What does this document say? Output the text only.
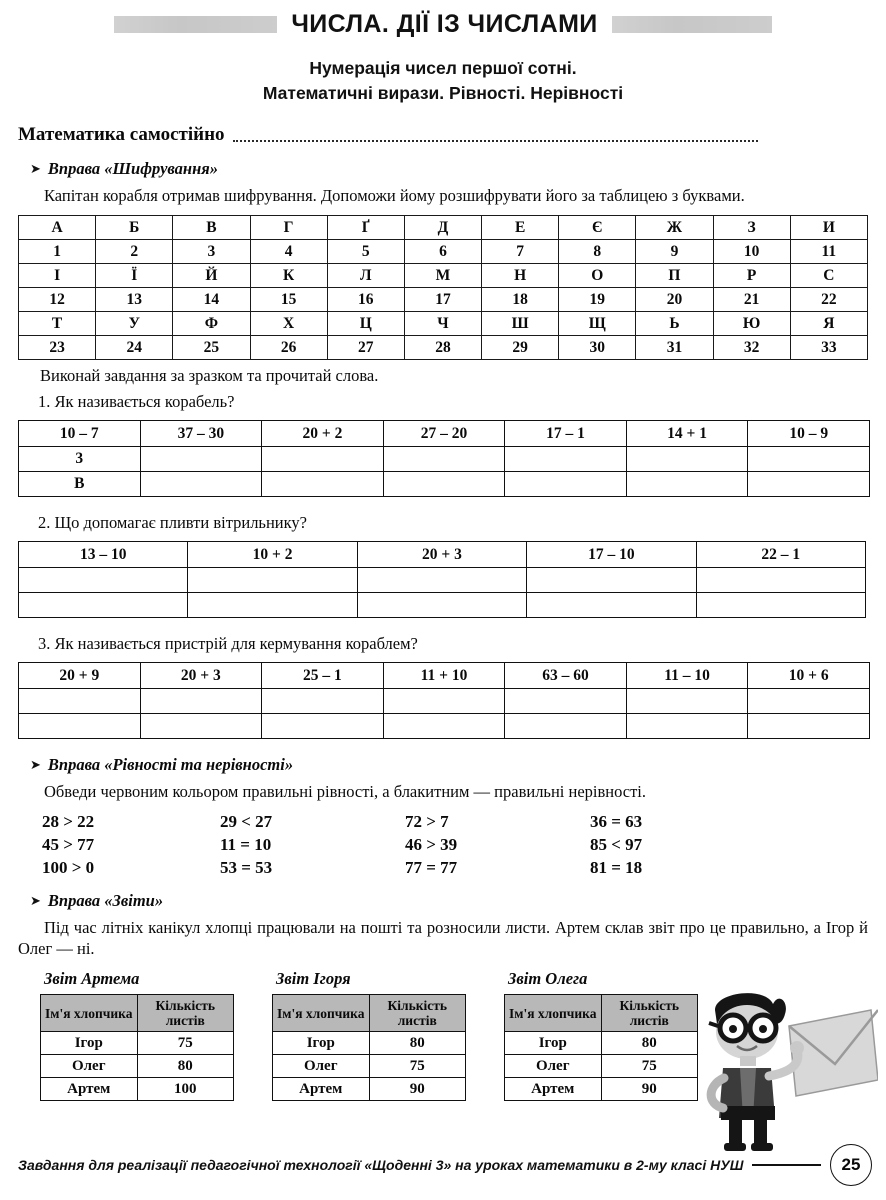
ЧИСЛА. ДІЇ ІЗ ЧИСЛАМИ
Нумерація чисел першої сотні.
Математичні вирази. Рівності. Нерівності
Математика самостійно
➤ Вправа «Шифрування»

Капітан корабля отримав шифрування. Допоможи йому розшифрувати його за таблицею з буквами.

А	Б	В	Г	Ґ	Д	Е	Є	Ж	З	И
1	2	3	4	5	6	7	8	9	10	11
І	Ї	Й	К	Л	М	Н	О	П	Р	С
12	13	14	15	16	17	18	19	20	21	22
Т	У	Ф	Х	Ц	Ч	Ш	Щ	Ь	Ю	Я
23	24	25	26	27	28	29	30	31	32	33

Виконай завдання за зразком та прочитай слова.

1. Як називається корабель?

10 – 7	37 – 30	20 + 2	27 – 20	17 – 1	14 + 1	10 – 9
3						
В						

2. Що допомагає пливти вітрильнику?

13 – 10	10 + 2	20 + 3	17 – 10	22 – 1

3. Як називається пристрій для кермування кораблем?

20 + 9	20 + 3	25 – 1	11 + 10	63 – 60	11 – 10	10 + 6

➤ Вправа «Рівності та нерівності»

Обведи червоним кольором правильні рівності, а блакитним — правильні нерівності.

28 > 22	29 < 27	72 > 7	36 = 63
45 > 77	11 = 10	46 > 39	85 < 97
100 > 0	53 = 53	77 = 77	81 = 18
➤ Вправа «Звіти»

Під час літніх канікул хлопці працювали на пошті та розносили листи. Артем склав звіт про це правильно, а Ігор й Олег — ні.

Звіт Артема
Ім'я хлопчика	Кількість листів
Ігор	75
Олег	80
Артем	100
Звіт Ігоря
Ім'я хлопчика	Кількість листів
Ігор	80
Олег	75
Артем	90
Звіт Олега
Ім'я хлопчика	Кількість листів
Ігор	80
Олег	75
Артем	90
Завдання для реалізації педагогічної технології «Щоденні 3» на уроках математики в 2-му класі НУШ	25
